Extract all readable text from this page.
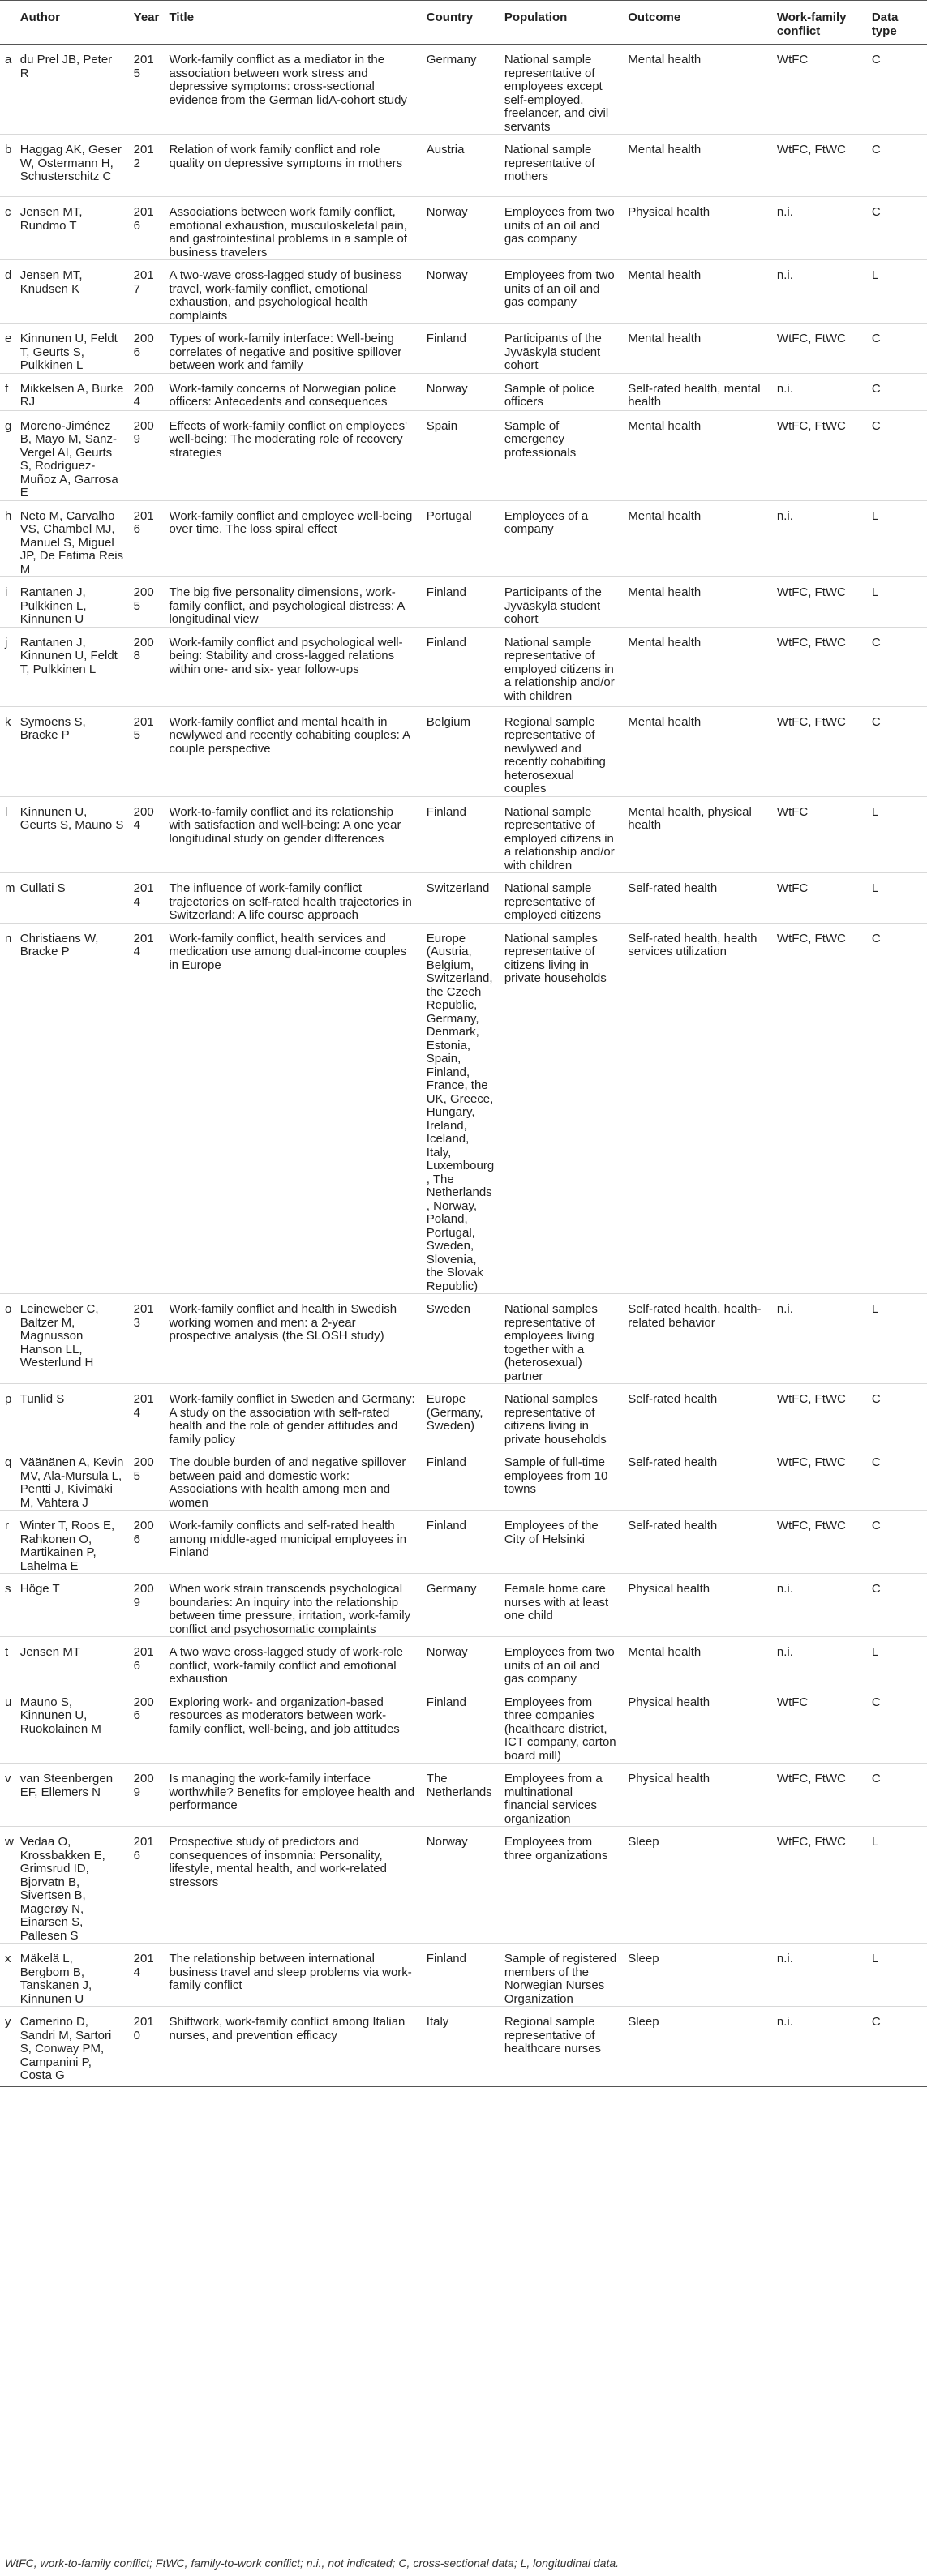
	Author	Year	Title	Country	Population	Outcome	Work-family conflict	Data type
a	du Prel JB, Peter R	2015	Work-family conflict as a mediator in the association between work stress and depressive symptoms: cross-sectional evidence from the German lidA-cohort study	Germany	National sample representative of employees except self-employed, freelancer, and civil servants	Mental health	WtFC	C
b	Haggag AK, Geser W, Ostermann H, Schusterschitz C	2012	Relation of work family conflict and role quality on depressive symptoms in mothers	Austria	National sample representative of mothers	Mental health	WtFC, FtWC	C
c	Jensen MT, Rundmo T	2016	Associations between work family conflict, emotional exhaustion, musculoskeletal pain, and gastrointestinal problems in a sample of business travelers	Norway	Employees from two units of an oil and gas company	Physical health	n.i.	C
d	Jensen MT, Knudsen K	2017	A two-wave cross-lagged study of business travel, work-family conflict, emotional exhaustion, and psychological health complaints	Norway	Employees from two units of an oil and gas company	Mental health	n.i.	L
e	Kinnunen U, Feldt T, Geurts S, Pulkkinen L	2006	Types of work-family interface: Well-being correlates of negative and positive spillover between work and family	Finland	Participants of the Jyväskylä student cohort	Mental health	WtFC, FtWC	C
f	Mikkelsen A, Burke RJ	2004	Work-family concerns of Norwegian police officers: Antecedents and consequences	Norway	Sample of police officers	Self-rated health, mental health	n.i.	C
g	Moreno-Jiménez B, Mayo M, Sanz-Vergel AI, Geurts S, Rodríguez-Muñoz A, Garrosa E	2009	Effects of work-family conflict on employees' well-being: The moderating role of recovery strategies	Spain	Sample of emergency professionals	Mental health	WtFC, FtWC	C
h	Neto M, Carvalho VS, Chambel MJ, Manuel S, Miguel JP, De Fatima Reis M	2016	Work-family conflict and employee well-being over time. The loss spiral effect	Portugal	Employees of a company	Mental health	n.i.	L
i	Rantanen J, Pulkkinen L, Kinnunen U	2005	The big five personality dimensions, work-family conflict, and psychological distress: A longitudinal view	Finland	Participants of the Jyväskylä student cohort	Mental health	WtFC, FtWC	L
j	Rantanen J, Kinnunen U, Feldt T, Pulkkinen L	2008	Work-family conflict and psychological well-being: Stability and cross-lagged relations within one- and six- year follow-ups	Finland	National sample representative of employed citizens in a relationship and/or with children	Mental health	WtFC, FtWC	C
k	Symoens S, Bracke P	2015	Work-family conflict and mental health in newlywed and recently cohabiting couples: A couple perspective	Belgium	Regional sample representative of newlywed and recently cohabiting heterosexual couples	Mental health	WtFC, FtWC	C
l	Kinnunen U, Geurts S, Mauno S	2004	Work-to-family conflict and its relationship with satisfaction and well-being: A one year longitudinal study on gender differences	Finland	National sample representative of employed citizens in a relationship and/or with children	Mental health, physical health	WtFC	L
m	Cullati S	2014	The influence of work-family conflict trajectories on self-rated health trajectories in Switzerland: A life course approach	Switzerland	National sample representative of employed citizens	Self-rated health	WtFC	L
n	Christiaens W, Bracke P	2014	Work-family conflict, health services and medication use among dual-income couples in Europe	Europe (Austria, Belgium, Switzerland, the Czech Republic, Germany, Denmark, Estonia, Spain, Finland, France, the UK, Greece, Hungary, Ireland, Iceland, Italy, Luxembourg, The Netherlands, Norway, Poland, Portugal, Sweden, Slovenia, the Slovak Republic)	National samples representative of citizens living in private households	Self-rated health, health services utilization	WtFC, FtWC	C
o	Leineweber C, Baltzer M, Magnusson Hanson LL, Westerlund H	2013	Work-family conflict and health in Swedish working women and men: a 2-year prospective analysis (the SLOSH study)	Sweden	National samples representative of employees living together with a (heterosexual) partner	Self-rated health, health-related behavior	n.i.	L
p	Tunlid S	2014	Work-family conflict in Sweden and Germany: A study on the association with self-rated health and the role of gender attitudes and family policy	Europe (Germany, Sweden)	National samples representative of citizens living in private households	Self-rated health	WtFC, FtWC	C
q	Väänänen A, Kevin MV, Ala-Mursula L, Pentti J, Kivimäki M, Vahtera J	2005	The double burden of and negative spillover between paid and domestic work: Associations with health among men and women	Finland	Sample of full-time employees from 10 towns	Self-rated health	WtFC, FtWC	C
r	Winter T, Roos E, Rahkonen O, Martikainen P, Lahelma E	2006	Work-family conflicts and self-rated health among middle-aged municipal employees in Finland	Finland	Employees of the City of Helsinki	Self-rated health	WtFC, FtWC	C
s	Höge T	2009	When work strain transcends psychological boundaries: An inquiry into the relationship between time pressure, irritation, work-family conflict and psychosomatic complaints	Germany	Female home care nurses with at least one child	Physical health	n.i.	C
t	Jensen MT	2016	A two wave cross-lagged study of work-role conflict, work-family conflict and emotional exhaustion	Norway	Employees from two units of an oil and gas company	Mental health	n.i.	L
u	Mauno S, Kinnunen U, Ruokolainen M	2006	Exploring work- and organization-based resources as moderators between work-family conflict, well-being, and job attitudes	Finland	Employees from three companies (healthcare district, ICT company, carton board mill)	Physical health	WtFC	C
v	van Steenbergen EF, Ellemers N	2009	Is managing the work-family interface worthwhile? Benefits for employee health and performance	The Netherlands	Employees from a multinational financial services organization	Physical health	WtFC, FtWC	C
w	Vedaa O, Krossbakken E, Grimsrud ID, Bjorvatn B, Sivertsen B, Magerøy N, Einarsen S, Pallesen S	2016	Prospective study of predictors and consequences of insomnia: Personality, lifestyle, mental health, and work-related stressors	Norway	Employees from three organizations	Sleep	WtFC, FtWC	L
x	Mäkelä L, Bergbom B, Tanskanen J, Kinnunen U	2014	The relationship between international business travel and sleep problems via work-family conflict	Finland	Sample of registered members of the Norwegian Nurses Organization	Sleep	n.i.	L
y	Camerino D, Sandri M, Sartori S, Conway PM, Campanini P, Costa G	2010	Shiftwork, work-family conflict among Italian nurses, and prevention efficacy	Italy	Regional sample representative of healthcare nurses	Sleep	n.i.	C
WtFC, work-to-family conflict; FtWC, family-to-work conflict; n.i., not indicated; C, cross-sectional data; L, longitudinal data.
